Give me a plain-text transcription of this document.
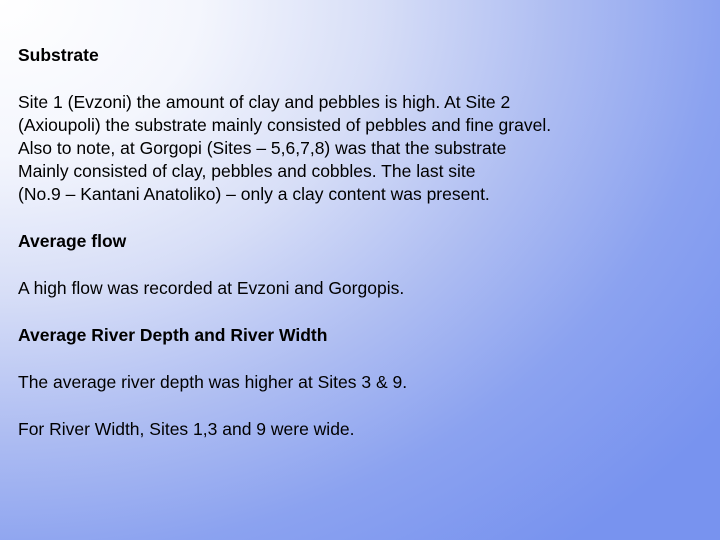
Substrate

Site 1 (Evzoni) the amount of clay and pebbles is high. At Site 2
(Axioupoli) the substrate mainly consisted of pebbles and fine gravel.
Also to note, at Gorgopi (Sites – 5,6,7,8) was that the substrate
Mainly consisted of clay, pebbles and cobbles. The last site
(No.9 – Kantani Anatoliko) – only a clay content was present.

Average flow

A high flow was recorded at Evzoni and Gorgopis.

Average River Depth and River Width

The average river depth was higher at Sites 3 & 9.

For River Width, Sites 1,3 and 9 were wide.
